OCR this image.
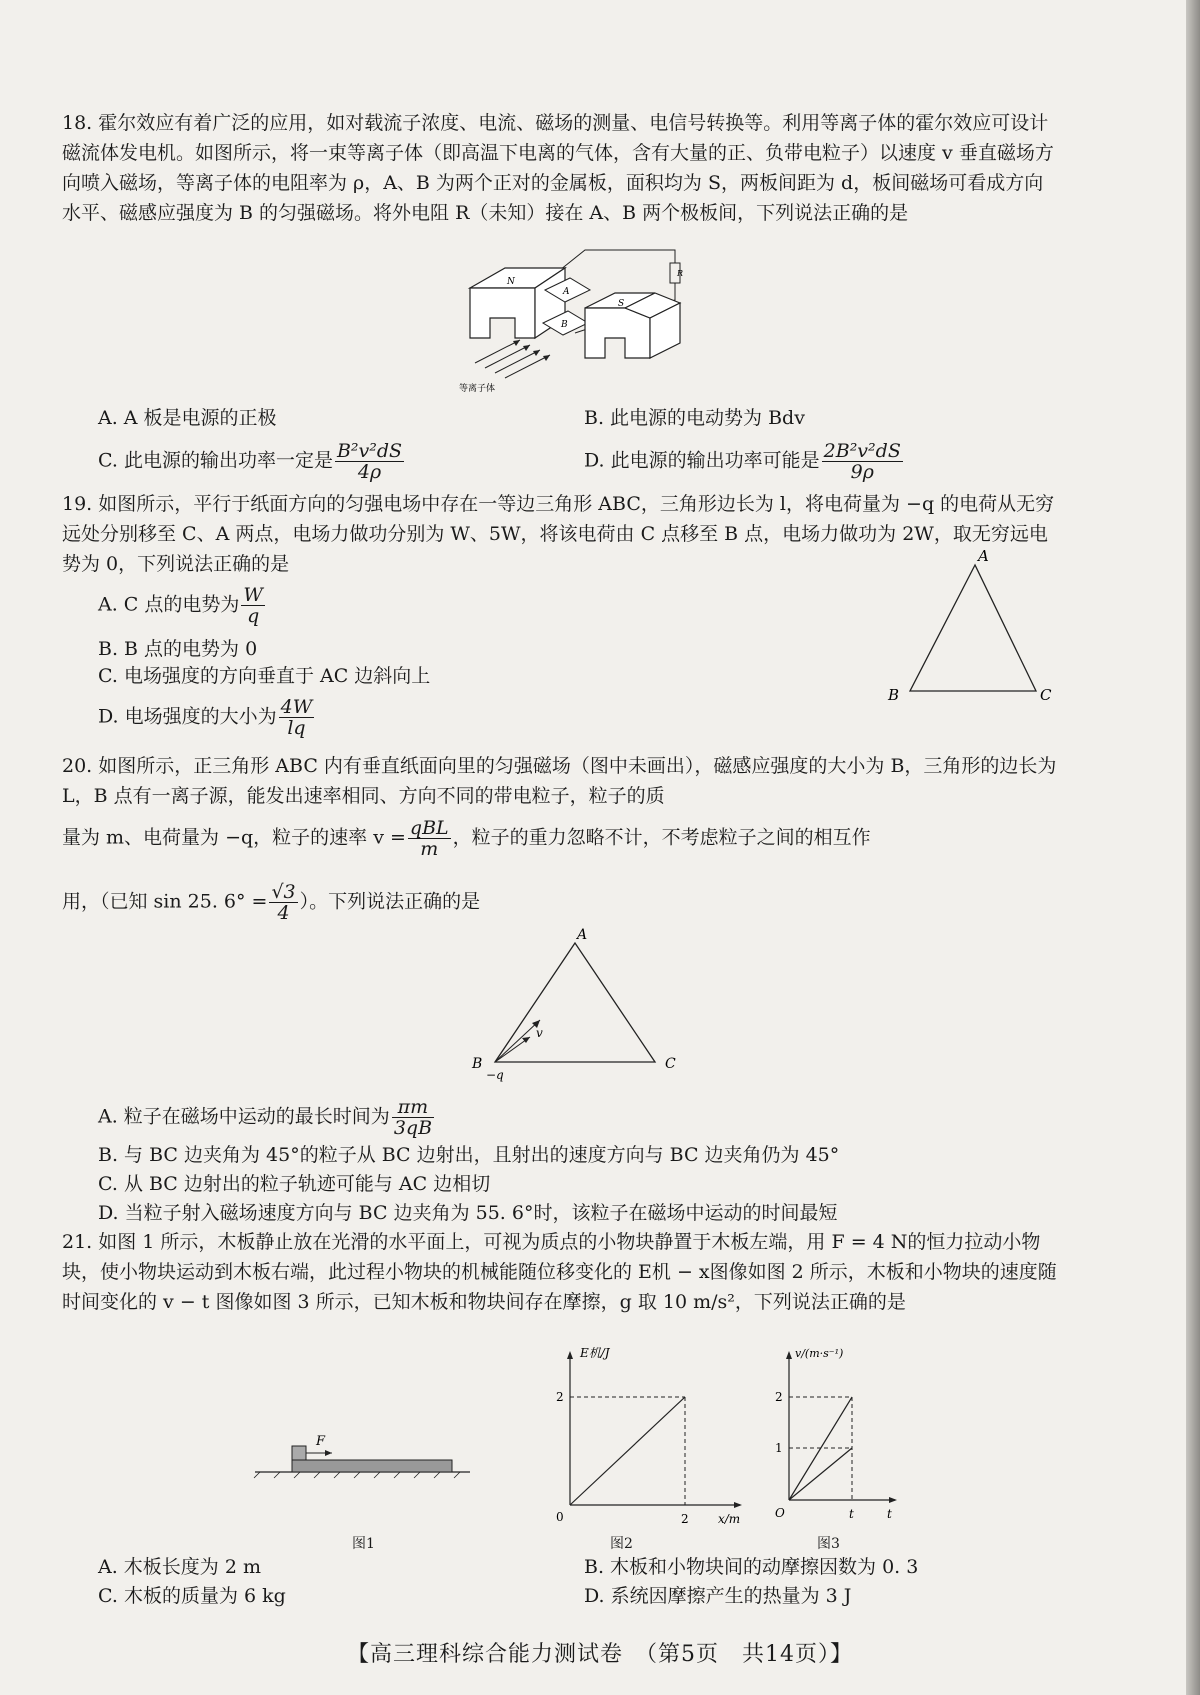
18. 霍尔效应有着广泛的应用，如对载流子浓度、电流、磁场的测量、电信号转换等。利用等离子体的霍尔效应可设计磁流体发电机。如图所示，将一束等离子体（即高温下电离的气体，含有大量的正、负带电粒子）以速度 v 垂直磁场方向喷入磁场，等离子体的电阻率为 ρ，A、B 为两个正对的金属板，面积均为 S，两板间距为 d，板间磁场可看成方向水平、磁感应强度为 B 的匀强磁场。将外电阻 R（未知）接在 A、B 两个极板间，下列说法正确的是
N
A
B
S
R
等离子体
A. A 板是电源的正极	B. 此电源的电动势为 Bdv
C. 此电源的输出功率一定是 $\frac{\text{B²v²dS}}{4\rho}$	D. 此电源的输出功率可能是 $\frac{\text{2B²v²dS}}{9\rho}$
19. 如图所示，平行于纸面方向的匀强电场中存在一等边三角形 ABC，三角形边长为 l，将电荷量为 −q 的电荷从无穷远处分别移至 C、A 两点，电场力做功分别为 W、5W，将该电荷由 C 点移至 B 点，电场力做功为 2W，取无穷远电势为 0，下列说法正确的是	A
B	C
A. C 点的电势为 $\frac{W}{q}$
B. B 点的电势为 0
C. 电场强度的方向垂直于 AC 边斜向上
D. 电场强度的大小为 $\frac{4W}{lq}$
20. 如图所示，正三角形 ABC 内有垂直纸面向里的匀强磁场（图中未画出），磁感应强度的大小为 B，三角形的边长为 L，B 点有一离子源，能发出速率相同、方向不同的带电粒子，粒子的质
量为 m、电荷量为 −q，粒子的速率 $v = \frac{\text{qBL}}{m}$ ，粒子的重力忽略不计，不考虑粒子之间的相互作
用，（已知 sin 25. $6^\circ = \frac{√3}{4}$ ）。下列说法正确的是
A
B
−q
C
v
A. 粒子在磁场中运动的最长时间为 $\frac{\pi m}{3qB}$
B. 与 BC 边夹角为 45°的粒子从 BC 边射出，且射出的速度方向与 BC 边夹角仍为 45°
C. 从 BC 边射出的粒子轨迹可能与 AC 边相切
D. 当粒子射入磁场速度方向与 BC 边夹角为 55. 6°时，该粒子在磁场中运动的时间最短
21. 如图 1 所示，木板静止放在光滑的水平面上，可视为质点的小物块静置于木板左端，用 F = 4 N的恒力拉动小物块，使小物块运动到木板右端，此过程小物块的机械能随位移变化的 E机 − x图像如图 2 所示，木板和小物块的速度随时间变化的 v − t 图像如图 3 所示，已知木板和物块间存在摩擦，g 取 10 m/s²，下列说法正确的是
F
图1
E机/J
x/m
2
2
0
图2
v/(m·s⁻¹)
t
2
1
t
O
图3
A. 木板长度为 2 m	B. 木板和小物块间的动摩擦因数为 0. 3
C. 木板的质量为 6 kg	D. 系统因摩擦产生的热量为 3 J
【高三理科综合能力测试卷　（第5页　共14页）】
